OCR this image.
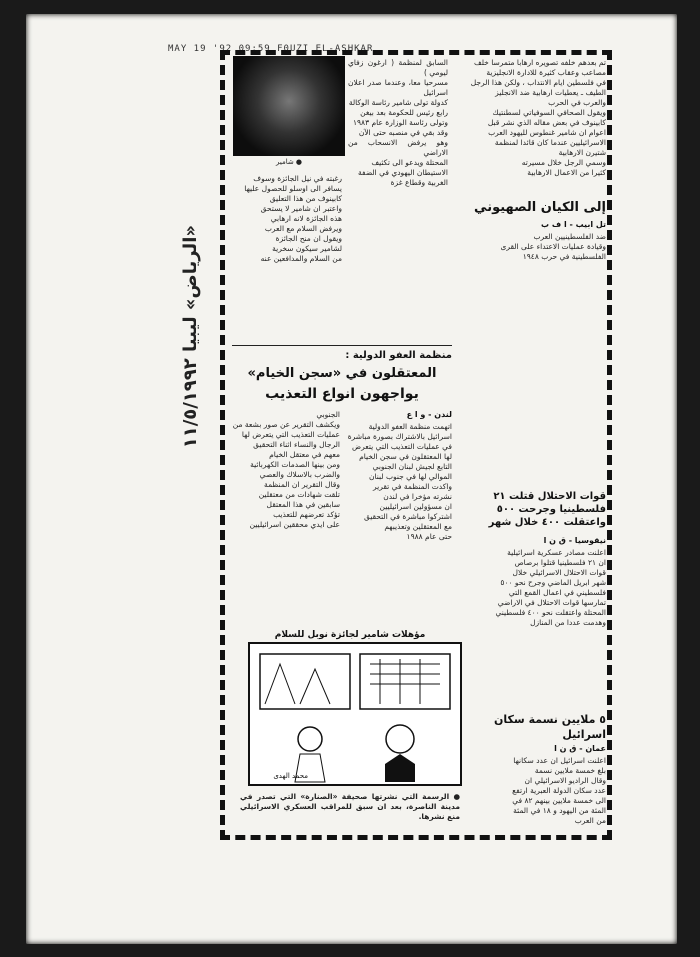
MAY 19 '92 09:59 F0UZI EL-ASHKAR
● شامير
السابق لمنظمة ( ارغون زفاي ليومي )
مسرحيا معا، وعندما صدر اعلان اسرائيل
كدولة تولى شامير رئاسة الوكالة
رابع رئيس للحكومة بعد بيغن
وتولى رئاسة الوزارة عام ١٩٨٣
وقد بقي في منصبه حتى الآن
وهو يرفض الانسحاب من الاراضي
المحتلة ويدعو الى تكثيف
الاستيطان اليهودي في الضفة
الغربية وقطاع غزة
رغبته في نيل الجائزة وسوف
يسافر الى اوسلو للحصول عليها
كابينوف من هذا التعليق
واعتبر ان شامير لا يستحق
هذه الجائزة لانه ارهابي
ويرفض السلام مع العرب
ويقول ان منح الجائزة
لشامير سيكون سخرية
من السلام والمدافعين عنه
تم بعدهم خلفه تصويره ارهابا متمرسا خلف
مصاعب وعقاب كثيرة للادارة الانجليزية
في فلسطين ايام الانتداب ، ولكن هذا الرجل
الطيف ـ يعطيات ارهابية ضد الانجليز
والعرب في الحرب
ويقول الصحافي السوفياتي لسطنتيك
كابينوف في بعض مقاله الذي نشر قبل
اعوام ان شامير غنطوس لليهود العرب
الاسرائيليين عندما كان قائدا لمنظمة
شتيرن الارهابية
وسمي الرجل خلال مسيرته
كثيرا من الاعمال الارهابية
إلى الكيان الصهيوني
تل ابيب - ا ف ب
ضد الفلسطينيين العرب
وقيادة عمليات الاعتداء على القرى
الفلسطينية في حرب ١٩٤٨
قوات الاحتلال قتلت ٢١ فلسطينيا وجرحت ٥٠٠ واعتقلت ٤٠٠ خلال شهر
نيقوسيا - ق ن ا
اعلنت مصادر عسكرية اسرائيلية
ان ٢١ فلسطينيا قتلوا برصاص
قوات الاحتلال الاسرائيلي خلال
شهر ابريل الماضي وجرح نحو ٥٠٠
فلسطيني في اعمال القمع التي
تمارسها قوات الاحتلال في الاراضي
المحتلة واعتقلت نحو ٤٠٠ فلسطيني
وهدمت عددا من المنازل
٥ ملايين نسمة سكان اسرائيل
عمان - ق ن ا
اعلنت اسرائيل ان عدد سكانها
بلغ خمسة ملايين نسمة
وقال الراديو الاسرائيلي ان
عدد سكان الدولة العبرية ارتفع
الى خمسة ملايين بينهم ٨٢ في
المئة من اليهود و ١٨ في المئة
من العرب
منظمة العفو الدولية :
المعتقلون في «سجن الخيام»
يواجهون انواع التعذيب
لندن - و ا ع
اتهمت منظمة العفو الدولية
اسرائيل بالاشتراك بصورة مباشرة
في عمليات التعذيب التي يتعرض
لها المعتقلون في سجن الخيام
التابع لجيش لبنان الجنوبي
الموالي لها في جنوب لبنان
واكدت المنظمة في تقرير
نشرته مؤخرا في لندن
ان مسؤولين اسرائيليين
اشتركوا مباشرة في التحقيق
مع المعتقلين وتعذيبهم
حتى عام ١٩٨٨
الجنوبي
ويكشف التقرير عن صور بشعة من
عمليات التعذيب التي يتعرض لها
الرجال والنساء اثناء التحقيق
معهم في معتقل الخيام
ومن بينها الصدمات الكهربائية
والضرب بالاسلاك والعصي
وقال التقرير ان المنظمة
تلقت شهادات من معتقلين
سابقين في هذا المعتقل
تؤكد تعرضهم للتعذيب
على ايدي محققين اسرائيليين
مؤهلات شامير لجائزة نوبل للسلام
محمد الهدى
● الرسمة التي نشرتها صحيفة «الصنارة» التي تصدر في مدينة الناصرة، بعد ان سبق للمراقب العسكري الاسرائيلي منع نشرها.
«الرياض» ليبيا ١١/٥/١٩٩٢
